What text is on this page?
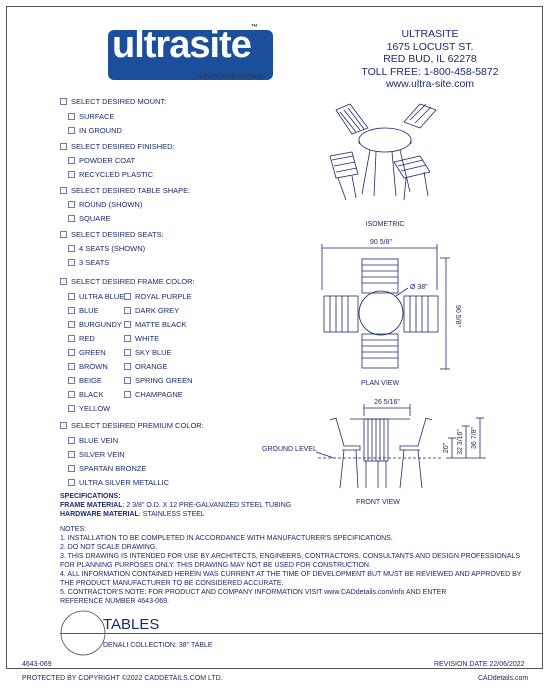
ultrasite™
A PLAYCORE Company
ULTRASITE
1675 LOCUST ST.
RED BUD, IL 62278
TOLL FREE: 1-800-458-5872
www.ultra-site.com
SELECT DESIRED MOUNT:
SURFACE
IN GROUND
SELECT DESIRED FINISHED:
POWDER COAT
RECYCLED PLASTIC
SELECT DESIRED TABLE SHAPE:
ROUND (SHOWN)
SQUARE
SELECT DESIRED SEATS:
4 SEATS (SHOWN)
3 SEATS
SELECT DESIRED FRAME COLOR:
ULTRA BLUE
BLUE
BURGUNDY
RED
GREEN
BROWN
BEIGE
BLACK
YELLOW
ROYAL PURPLE
DARK GREY
MATTE BLACK
WHITE
SKY BLUE
ORANGE
SPRING GREEN
CHAMPAGNE
SELECT DESIRED PREMIUM COLOR:
BLUE VEIN
SILVER VEIN
SPARTAN BRONZE
ULTRA SILVER METALLIC
ISOMETRIC
90 5/8"
Ø 38"
90 5/8"
PLAN VIEW
26 5/16"
20" 32 3/16" 36 7/8"
GROUND LEVEL
FRONT VIEW
SPECIFICATIONS:
FRAME MATERIAL: 2 3/8" O.D. X 12 PRE-GALVANIZED STEEL TUBING
HARDWARE MATERIAL: STAINLESS STEEL
NOTES:
1. INSTALLATION TO BE COMPLETED IN ACCORDANCE WITH MANUFACTURER'S SPECIFICATIONS.
2. DO NOT SCALE DRAWING.
3. THIS DRAWING IS INTENDED FOR USE BY ARCHITECTS, ENGINEERS, CONTRACTORS, CONSULTANTS AND DESIGN PROFESSIONALS
FOR PLANNING PURPOSES ONLY. THIS DRAWING MAY NOT BE USED FOR CONSTRUCTION.
4. ALL INFORMATION CONTAINED HEREIN WAS CURRENT AT THE TIME OF DEVELOPMENT BUT MUST BE REVIEWED AND APPROVED BY
THE PRODUCT MANUFACTURER TO BE CONSIDERED ACCURATE.
5. CONTRACTOR'S NOTE: FOR PRODUCT AND COMPANY INFORMATION VISIT www.CADdetails.com/info AND ENTER
REFERENCE NUMBER 4643-069.
TABLES
DENALI COLLECTION: 38" TABLE
4643-069	REVISION DATE 22/06/2022
PROTECTED BY COPYRIGHT ©2022 CADDETAILS.COM LTD.	CADdetails.com
